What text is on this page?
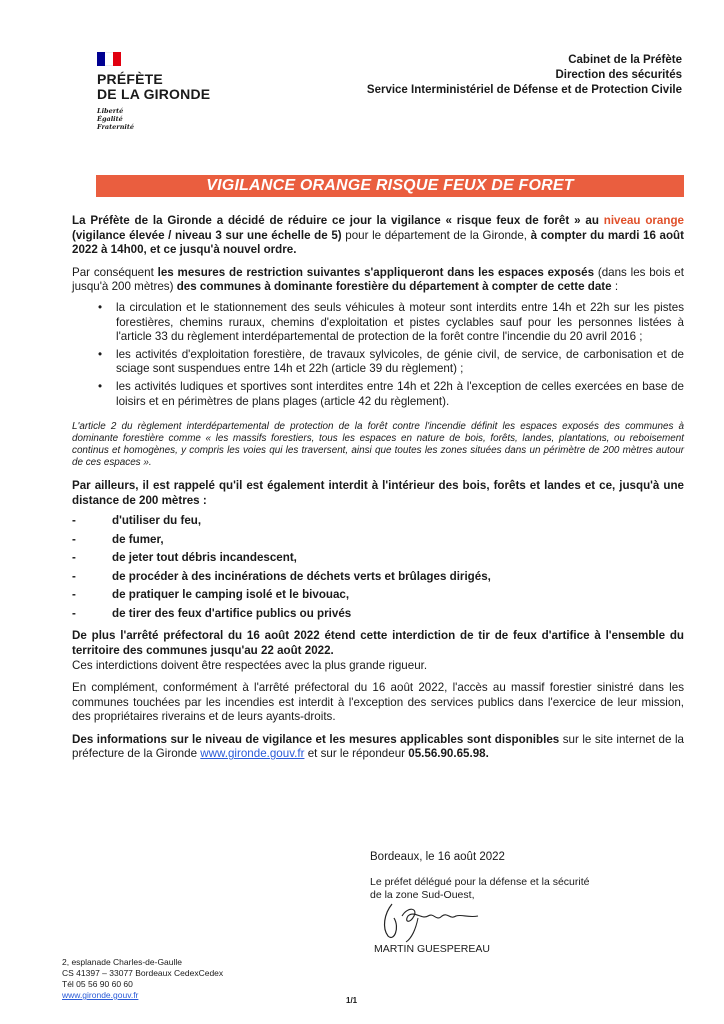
PRÉFÈTE
DE LA GIRONDE
Liberté
Égalité
Fraternité
Cabinet de la Préfète
Direction des sécurités
Service Interministériel de Défense et de Protection Civile
VIGILANCE ORANGE RISQUE FEUX DE FORET

La Préfète de la Gironde a décidé de réduire ce jour la vigilance « risque feux de forêt » au niveau orange (vigilance élevée / niveau 3 sur une échelle de 5) pour le département de la Gironde, à compter du mardi 16 août 2022 à 14h00, et ce jusqu'à nouvel ordre.

Par conséquent les mesures de restriction suivantes s'appliqueront dans les espaces exposés (dans les bois et jusqu'à 200 mètres) des communes à dominante forestière du département à compter de cette date :

• la circulation et le stationnement des seuls véhicules à moteur sont interdits entre 14h et 22h sur les pistes forestières, chemins ruraux, chemins d'exploitation et pistes cyclables sauf pour les personnes listées à l'article 33 du règlement interdépartemental de protection de la forêt contre l'incendie du 20 avril 2016 ;
• les activités d'exploitation forestière, de travaux sylvicoles, de génie civil, de service, de carbonisation et de sciage sont suspendues entre 14h et 22h (article 39 du règlement) ;
• les activités ludiques et sportives sont interdites entre 14h et 22h à l'exception de celles exercées en base de loisirs et en périmètres de plans plages (article 42 du règlement).
L'article 2 du règlement interdépartemental de protection de la forêt contre l'incendie définit les espaces exposés des communes à dominante forestière comme « les massifs forestiers, tous les espaces en nature de bois, forêts, landes, plantations, ou reboisement continus et homogènes, y compris les voies qui les traversent, ainsi que toutes les zones situées dans un périmètre de 200 mètres autour de ces espaces ».

Par ailleurs, il est rappelé qu'il est également interdit à l'intérieur des bois, forêts et landes et ce, jusqu'à une distance de 200 mètres :

- d'utiliser du feu,
- de fumer,
- de jeter tout débris incandescent,
- de procéder à des incinérations de déchets verts et brûlages dirigés,
- de pratiquer le camping isolé et le bivouac,
- de tirer des feux d'artifice publics ou privés

De plus l'arrêté préfectoral du 16 août 2022 étend cette interdiction de tir de feux d'artifice à l'ensemble du territoire des communes jusqu'au 22 août 2022.
Ces interdictions doivent être respectées avec la plus grande rigueur.

En complément, conformément à l'arrêté préfectoral du 16 août 2022, l'accès au massif forestier sinistré dans les communes touchées par les incendies est interdit à l'exception des services publics dans l'exercice de leur mission, des propriétaires riverains et de leurs ayants-droits.

Des informations sur le niveau de vigilance et les mesures applicables sont disponibles sur le site internet de la préfecture de la Gironde www.gironde.gouv.fr et sur le répondeur 05.56.90.65.98.

Bordeaux, le 16 août 2022
Le préfet délégué pour la défense et la sécurité
de la zone Sud-Ouest,
MARTIN GUESPEREAU
2, esplanade Charles-de-Gaulle
CS 41397 – 33077 Bordeaux CedexCedex
Tél 05 56 90 60 60
www.gironde.gouv.fr
1/1
